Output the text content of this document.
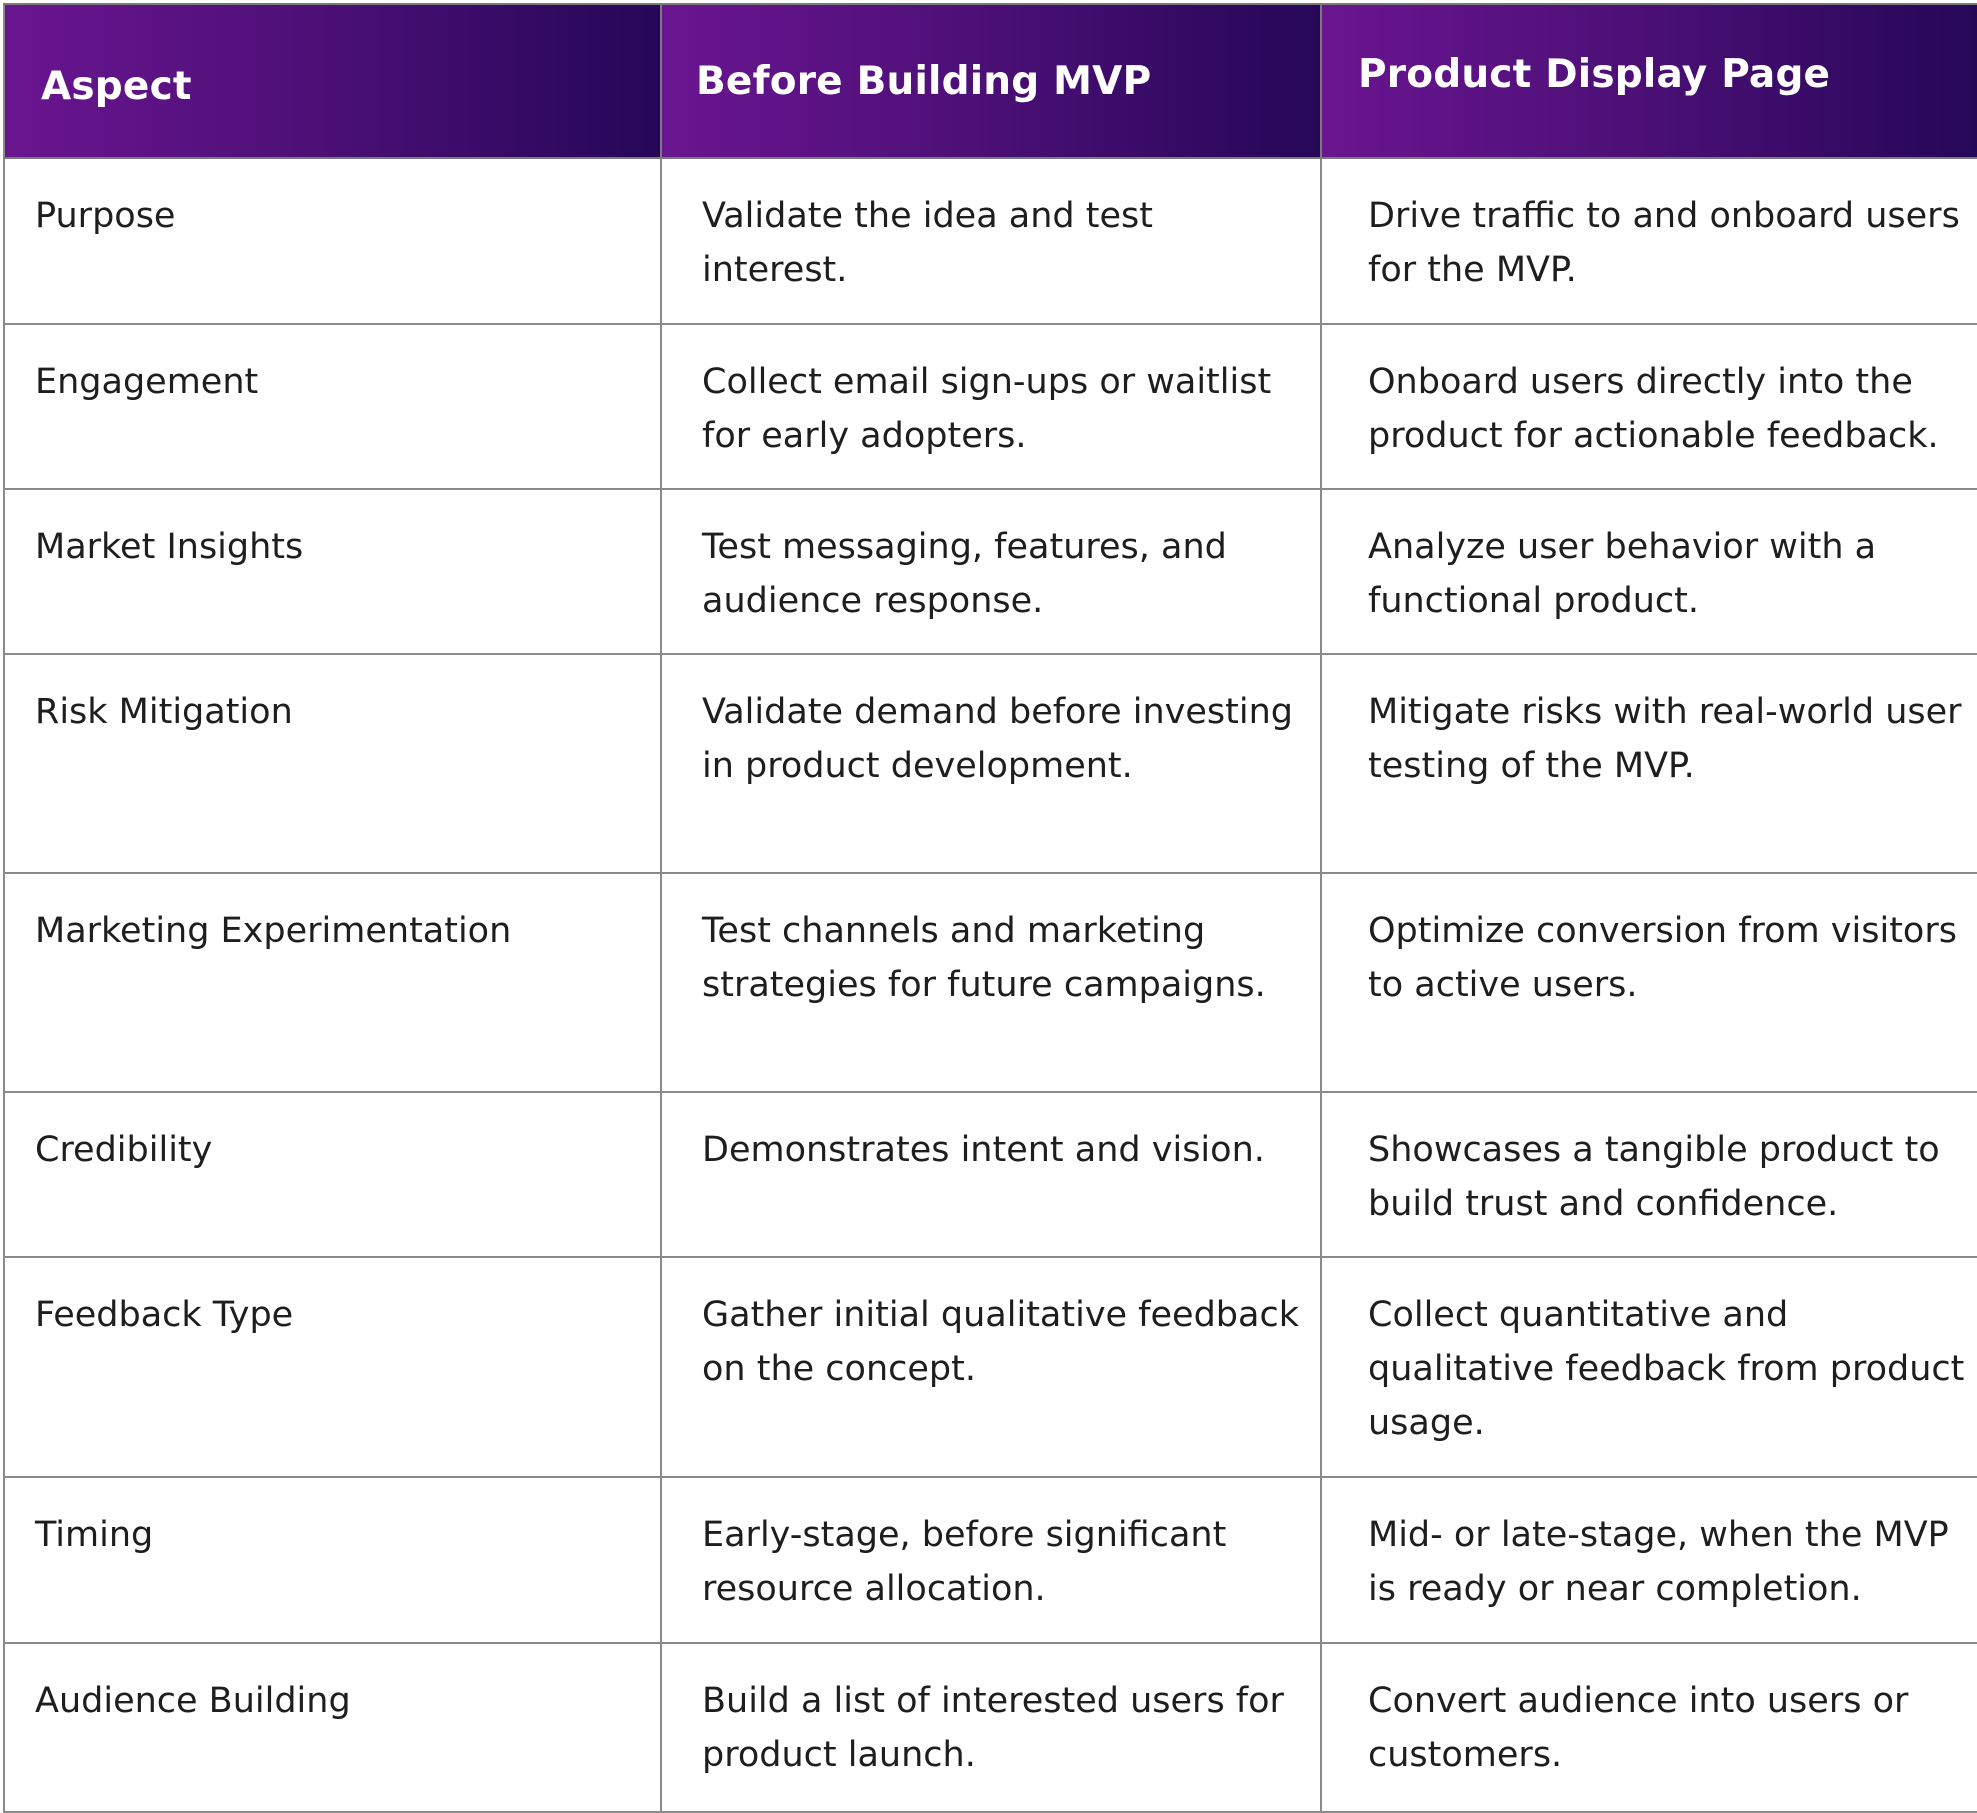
Aspect	Before Building MVP	Product Display Page
Purpose	Validate the idea and test interest.	Drive traffic to and onboard users for the MVP.
Engagement	Collect email sign-ups or waitlist for early adopters.	Onboard users directly into the product for actionable feedback.
Market Insights	Test messaging, features, and audience response.	Analyze user behavior with a functional product.
Risk Mitigation	Validate demand before investing in product development.	Mitigate risks with real-world user testing of the MVP.
Marketing Experimentation	Test channels and marketing strategies for future campaigns.	Optimize conversion from visitors to active users.
Credibility	Demonstrates intent and vision.	Showcases a tangible product to build trust and confidence.
Feedback Type	Gather initial qualitative feedback on the concept.	Collect quantitative and qualitative feedback from product usage.
Timing	Early-stage, before significant resource allocation.	Mid- or late-stage, when the MVP is ready or near completion.
Audience Building	Build a list of interested users for product launch.	Convert audience into users or customers.
